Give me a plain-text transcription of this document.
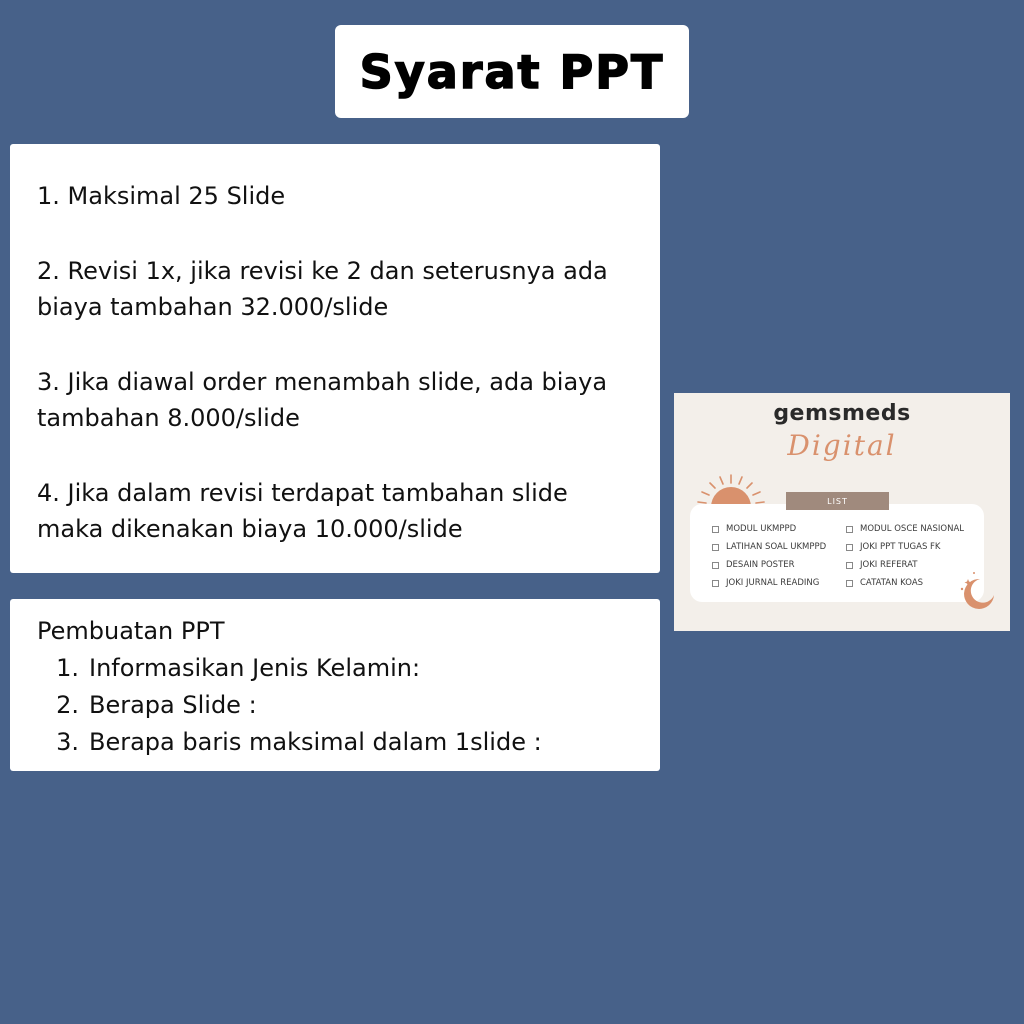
Syarat PPT

1. Maksimal 25 Slide

2. Revisi 1x, jika revisi ke 2 dan seterusnya ada biaya tambahan 32.000/slide

3. Jika diawal order menambah slide, ada biaya tambahan 8.000/slide

4. Jika dalam revisi terdapat tambahan slide maka dikenakan biaya 10.000/slide

Pembuatan PPT
1. Informasikan Jenis Kelamin:
2. Berapa Slide :
3. Berapa baris maksimal dalam 1slide :
gemsmeds
Digital
MODUL UKMPPD
LATIHAN SOAL UKMPPD
DESAIN POSTER
JOKI JURNAL READING
MODUL OSCE NASIONAL
JOKI PPT TUGAS FK
JOKI REFERAT
CATATAN KOAS
LIST
